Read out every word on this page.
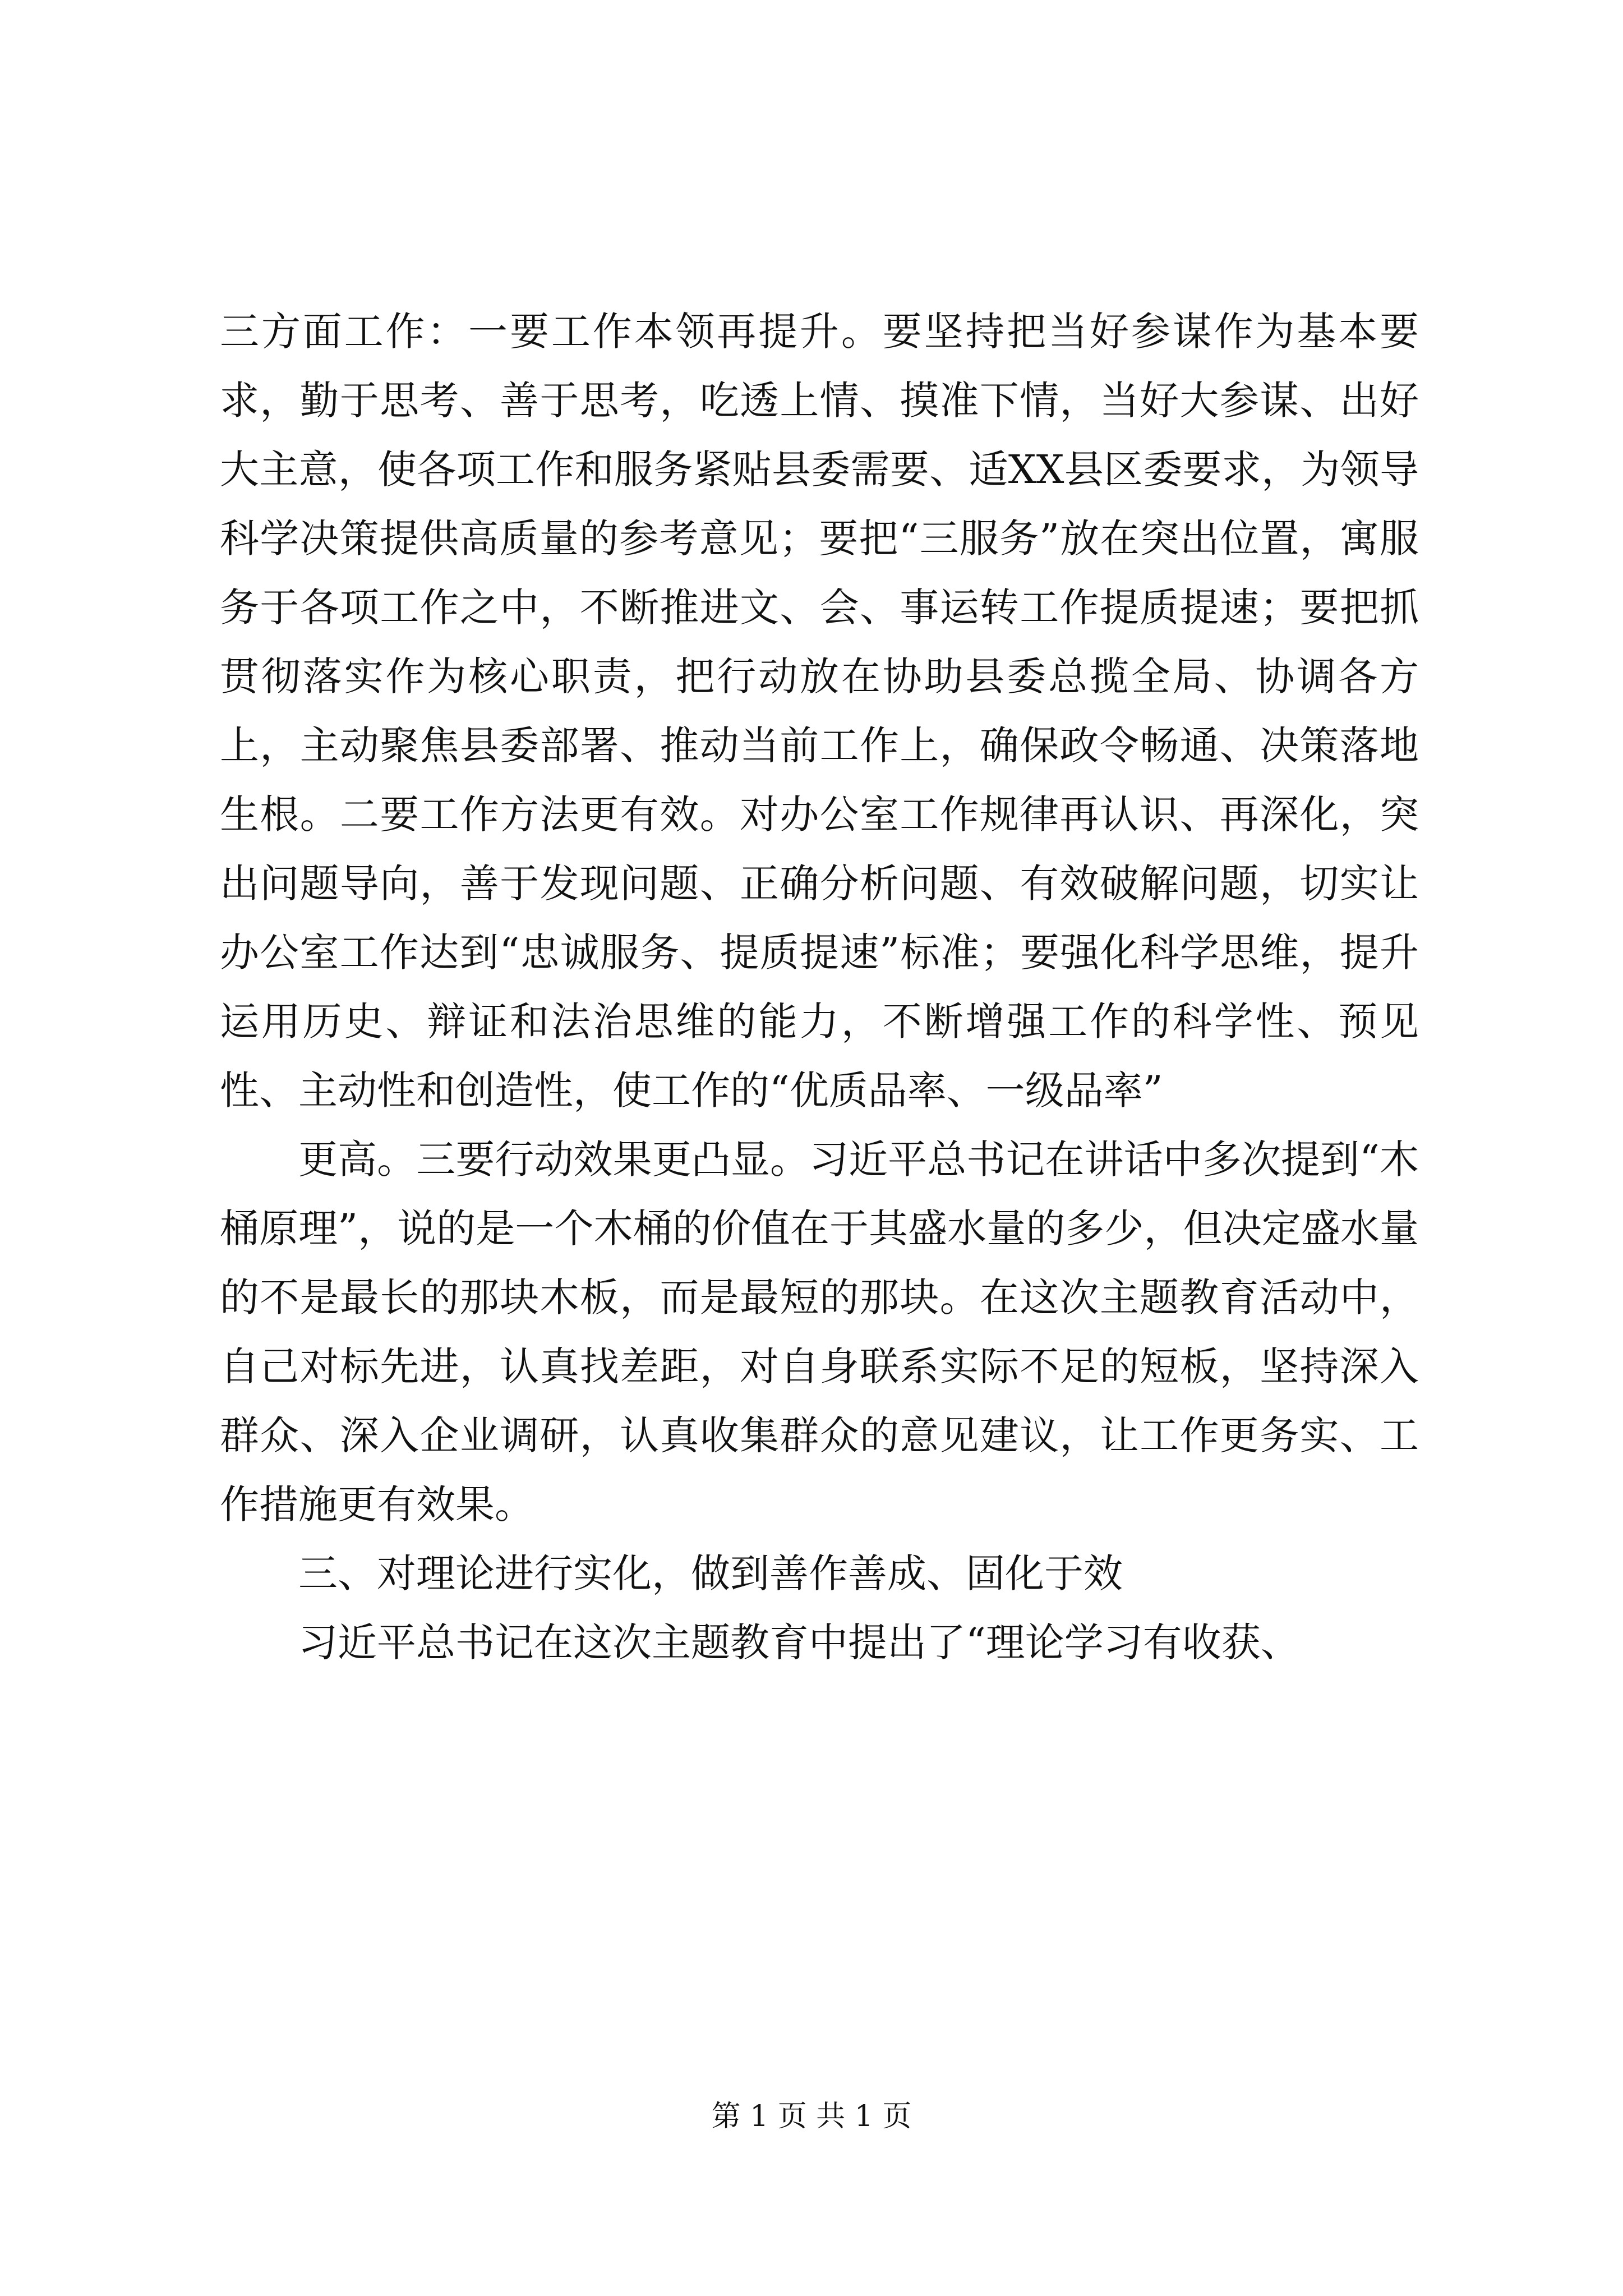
三方面工作：一要工作本领再提升。要坚持把当好参谋作为基本要求，勤于思考、善于思考，吃透上情、摸准下情，当好大参谋、出好大主意，使各项工作和服务紧贴县委需要、适XX县区委要求，为领导科学决策提供高质量的参考意见；要把“三服务”放在突出位置，寓服务于各项工作之中，不断推进文、会、事运转工作提质提速；要把抓贯彻落实作为核心职责，把行动放在协助县委总揽全局、协调各方上，主动聚焦县委部署、推动当前工作上，确保政令畅通、决策落地生根。二要工作方法更有效。对办公室工作规律再认识、再深化，突出问题导向，善于发现问题、正确分析问题、有效破解问题，切实让办公室工作达到“忠诚服务、提质提速”标准；要强化科学思维，提升运用历史、辩证和法治思维的能力，不断增强工作的科学性、预见性、主动性和创造性，使工作的“优质品率、一级品率”

更高。三要行动效果更凸显。习近平总书记在讲话中多次提到“木桶原理”，说的是一个木桶的价值在于其盛水量的多少，但决定盛水量的不是最长的那块木板，而是最短的那块。在这次主题教育活动中，自己对标先进，认真找差距，对自身联系实际不足的短板，坚持深入群众、深入企业调研，认真收集群众的意见建议，让工作更务实、工作措施更有效果。

三、对理论进行实化，做到善作善成、固化于效

习近平总书记在这次主题教育中提出了“理论学习有收获、

第 1 页 共 1 页
